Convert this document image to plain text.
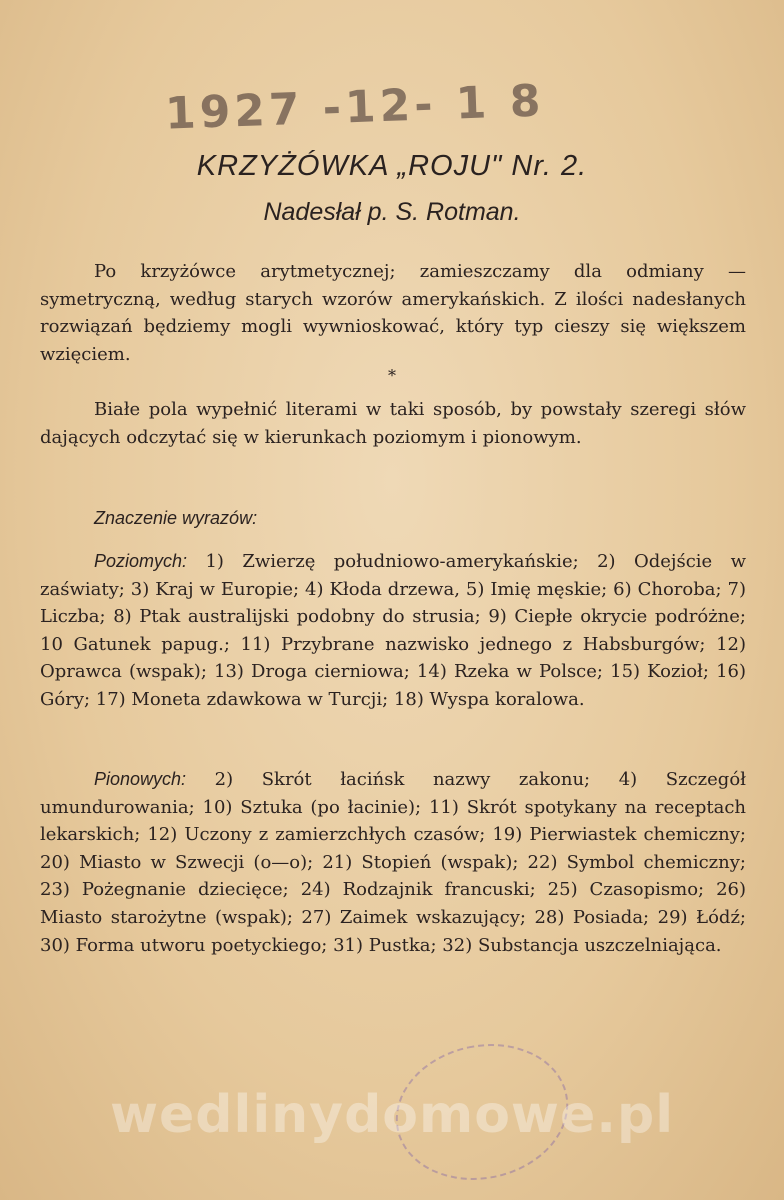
1927 -12- 1 8
KRZYŻÓWKA „ROJU" Nr. 2.
Nadesłał p. S. Rotman.

Po krzyżówce arytmetycznej; zamieszczamy dla odmiany — symetryczną, według starych wzorów amerykańskich. Z ilości nadesłanych rozwiązań będziemy mogli wywnioskować, który typ cieszy się większem wzięciem.

*

Białe pola wypełnić literami w taki sposób, by powstały szeregi słów dających odczytać się w kierunkach poziomym i pionowym.

Znaczenie wyrazów:

Poziomych: 1) Zwierzę południowo-amerykańskie; 2) Odejście w zaświaty; 3) Kraj w Europie; 4) Kłoda drzewa, 5) Imię męskie; 6) Choroba; 7) Liczba; 8) Ptak australijski podobny do strusia; 9) Ciepłe okrycie podróżne; 10 Gatunek papug.; 11) Przybrane nazwisko jednego z Habsburgów; 12) Oprawca (wspak); 13) Droga cierniowa; 14) Rzeka w Polsce; 15) Kozioł; 16) Góry; 17) Moneta zdawkowa w Turcji; 18) Wyspa koralowa.

Pionowych: 2) Skrót łacińsk nazwy zakonu; 4) Szczegół umundurowania; 10) Sztuka (po łacinie); 11) Skrót spotykany na receptach lekarskich; 12) Uczony z zamierzchłych czasów; 19) Pierwiastek chemiczny; 20) Miasto w Szwecji (o—o); 21) Stopień (wspak); 22) Symbol chemiczny; 23) Pożegnanie dziecięce; 24) Rodzajnik francuski; 25) Czasopismo; 26) Miasto starożytne (wspak); 27) Zaimek wskazujący; 28) Posiada; 29) Łódź; 30) Forma utworu poetyckiego; 31) Pustka; 32) Substancja uszczelniająca.

wedlinydomowe.pl
